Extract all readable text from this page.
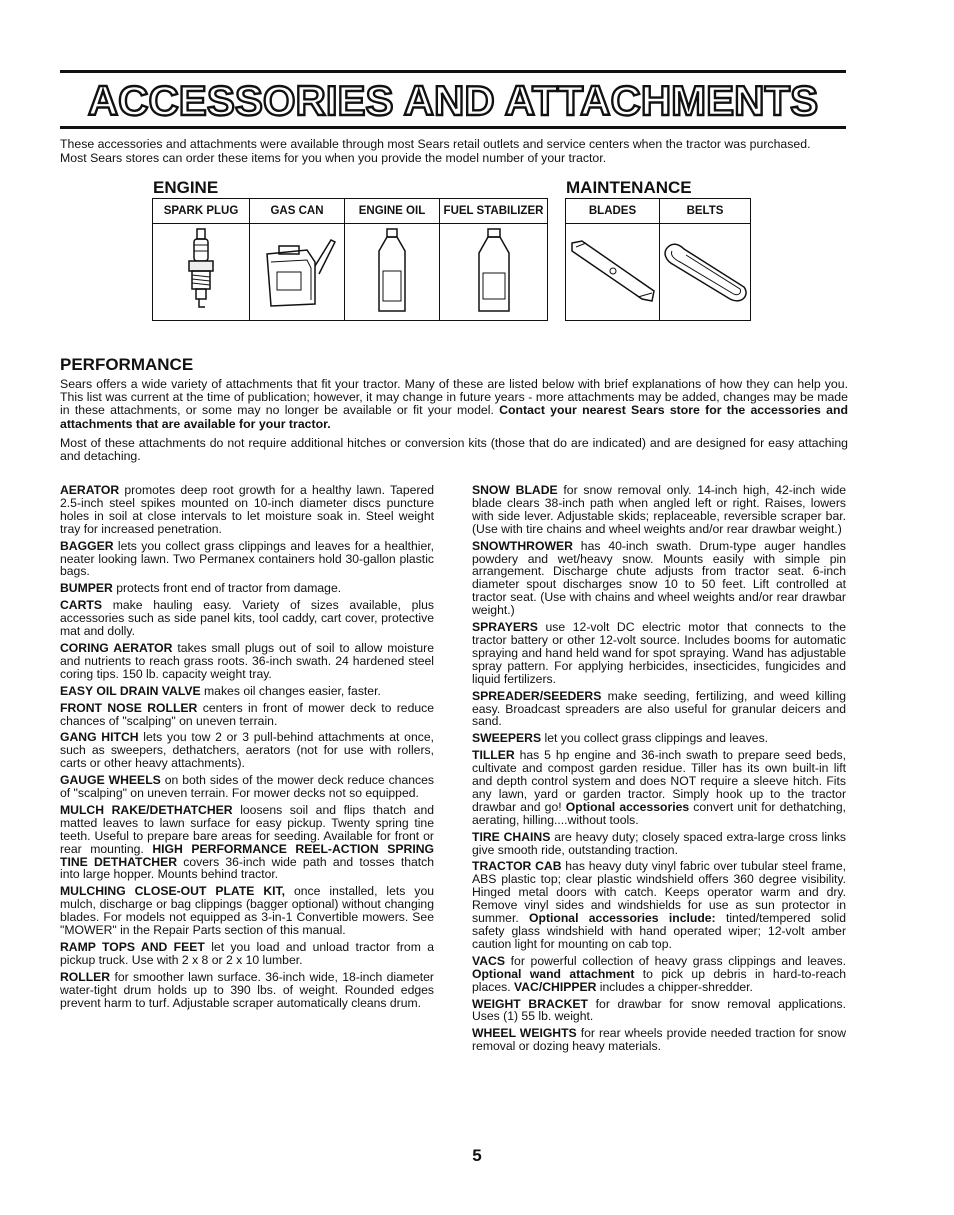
ACCESSORIES AND ATTACHMENTS
These accessories and attachments were available through most Sears retail outlets and service centers when the tractor was purchased.
Most Sears stores can order these items for you when you provide the model number of your tractor.
ENGINE
SPARK PLUG	GAS CAN	ENGINE OIL	FUEL STABILIZER

MAINTENANCE
BLADES	BELTS

PERFORMANCE

Sears offers a wide variety of attachments that fit your tractor. Many of these are listed below with brief explanations of how they can help you. This list was current at the time of publication; however, it may change in future years - more attachments may be added, changes may be made in these attachments, or some may no longer be available or fit your model. Contact your nearest Sears store for the accessories and attachments that are available for your tractor.

Most of these attachments do not require additional hitches or conversion kits (those that do are indicated) and are designed for easy attaching and detaching.

AERATOR promotes deep root growth for a healthy lawn. Tapered 2.5-inch steel spikes mounted on 10-inch diameter discs puncture holes in soil at close intervals to let moisture soak in. Steel weight tray for increased penetration.

BAGGER lets you collect grass clippings and leaves for a healthier, neater looking lawn. Two Permanex containers hold 30-gallon plastic bags.

BUMPER protects front end of tractor from damage.

CARTS make hauling easy. Variety of sizes available, plus accessories such as side panel kits, tool caddy, cart cover, protective mat and dolly.

CORING AERATOR takes small plugs out of soil to allow moisture and nutrients to reach grass roots. 36-inch swath. 24 hardened steel coring tips. 150 lb. capacity weight tray.

EASY OIL DRAIN VALVE makes oil changes easier, faster.

FRONT NOSE ROLLER centers in front of mower deck to reduce chances of "scalping" on uneven terrain.

GANG HITCH lets you tow 2 or 3 pull-behind attachments at once, such as sweepers, dethatchers, aerators (not for use with rollers, carts or other heavy attachments).

GAUGE WHEELS on both sides of the mower deck reduce chances of "scalping" on uneven terrain. For mower decks not so equipped.

MULCH RAKE/DETHATCHER loosens soil and flips thatch and matted leaves to lawn surface for easy pickup. Twenty spring tine teeth. Useful to prepare bare areas for seeding. Available for front or rear mounting. HIGH PERFORMANCE REEL-ACTION SPRING TINE DETHATCHER covers 36-inch wide path and tosses thatch into large hopper. Mounts behind tractor.

MULCHING CLOSE-OUT PLATE KIT, once installed, lets you mulch, discharge or bag clippings (bagger optional) without changing blades. For models not equipped as 3-in-1 Convertible mowers. See "MOWER" in the Repair Parts section of this manual.

RAMP TOPS AND FEET let you load and unload tractor from a pickup truck. Use with 2 x 8 or 2 x 10 lumber.

ROLLER for smoother lawn surface. 36-inch wide, 18-inch diameter water-tight drum holds up to 390 lbs. of weight. Rounded edges prevent harm to turf. Adjustable scraper automatically cleans drum.

SNOW BLADE for snow removal only. 14-inch high, 42-inch wide blade clears 38-inch path when angled left or right. Raises, lowers with side lever. Adjustable skids; replaceable, reversible scraper bar. (Use with tire chains and wheel weights and/or rear drawbar weight.)

SNOWTHROWER has 40-inch swath. Drum-type auger handles powdery and wet/heavy snow. Mounts easily with simple pin arrangement. Discharge chute adjusts from tractor seat. 6-inch diameter spout discharges snow 10 to 50 feet. Lift controlled at tractor seat. (Use with chains and wheel weights and/or rear drawbar weight.)

SPRAYERS use 12-volt DC electric motor that connects to the tractor battery or other 12-volt source. Includes booms for automatic spraying and hand held wand for spot spraying. Wand has adjustable spray pattern. For applying herbicides, insecticides, fungicides and liquid fertilizers.

SPREADER/SEEDERS make seeding, fertilizing, and weed killing easy. Broadcast spreaders are also useful for granular deicers and sand.

SWEEPERS let you collect grass clippings and leaves.

TILLER has 5 hp engine and 36-inch swath to prepare seed beds, cultivate and compost garden residue. Tiller has its own built-in lift and depth control system and does NOT require a sleeve hitch. Fits any lawn, yard or garden tractor. Simply hook up to the tractor drawbar and go! Optional accessories convert unit for dethatching, aerating, hilling....without tools.

TIRE CHAINS are heavy duty; closely spaced extra-large cross links give smooth ride, outstanding traction.

TRACTOR CAB has heavy duty vinyl fabric over tubular steel frame, ABS plastic top; clear plastic windshield offers 360 degree visibility. Hinged metal doors with catch. Keeps operator warm and dry. Remove vinyl sides and windshields for use as sun protector in summer. Optional accessories include: tinted/tempered solid safety glass windshield with hand operated wiper; 12-volt amber caution light for mounting on cab top.

VACS for powerful collection of heavy grass clippings and leaves. Optional wand attachment to pick up debris in hard-to-reach places. VAC/CHIPPER includes a chipper-shredder.

WEIGHT BRACKET for drawbar for snow removal applications. Uses (1) 55 lb. weight.

WHEEL WEIGHTS for rear wheels provide needed traction for snow removal or dozing heavy materials.

5
